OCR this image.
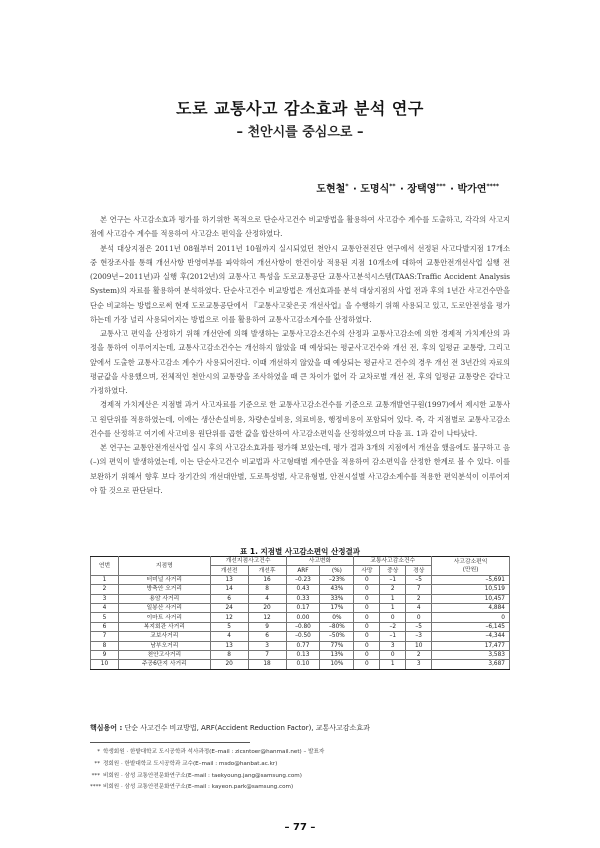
도로 교통사고 감소효과 분석 연구
– 천안시를 중심으로 –
도현철* · 도명식** · 장택영*** · 박가연****

본 연구는 사고감소효과 평가를 하기위한 목적으로 단순사고건수 비교방법을 활용하여 사고감수 계수를 도출하고, 각각의 사고지점에 사고감수 계수를 적용하여 사고감소 편익을 산정하였다.

분석 대상지점은 2011년 08월부터 2011년 10월까지 실시되었던 천안시 교통안전진단 연구에서 선정된 사고다발지점 17개소 중 현장조사를 통해 개선사항 반영여부를 파악하여 개선사항이 한건이상 적용된 지점 10개소에 대하여 교통안전개선사업 실행 전(2009년~2011년)과 실행 후(2012년)의 교통사고 특성을 도로교통공단 교통사고분석시스템(TAAS:Traffic Accident Analysis System)의 자료를 활용하여 분석하였다. 단순사고건수 비교방법은 개선효과를 분석 대상지점의 사업 전과 후의 1년간 사고건수만을 단순 비교하는 방법으로써 현재 도로교통공단에서 『교통사고잦은곳 개선사업』을 수행하기 위해 사용되고 있고, 도로안전성을 평가하는데 가장 널리 사용되어지는 방법으로 이를 활용하여 교통사고감소계수를 산정하였다.

교통사고 편익을 산정하기 위해 개선안에 의해 발생하는 교통사고감소건수의 산정과 교통사고감소에 의한 경제적 가치계산의 과정을 통하여 이루어지는데, 교통사고감소건수는 개선하지 않았을 때 예상되는 평균사고건수와 개선 전, 후의 일평균 교통량, 그리고 앞에서 도출한 교통사고감소 계수가 사용되어진다. 이때 개선하지 않았을 때 예상되는 평균사고 건수의 경우 개선 전 3년간의 자료의 평균값을 사용했으며, 전체적인 천안시의 교통량을 조사하였을 때 큰 차이가 없어 각 교차로별 개선 전, 후의 일평균 교통량은 같다고 가정하였다.

경제적 가치계산은 지점별 과거 사고자료를 기준으로 한 교통사고감소건수를 기준으로 교통개발연구원(1997)에서 제시한 교통사고 원단위를 적용하였는데, 이에는 생산손실비용, 차량손실비용, 의료비용, 행정비용이 포함되어 있다. 즉, 각 지점별로 교통사고감소건수를 산정하고 여기에 사고비용 원단위를 곱한 값을 합산하여 사고감소편익을 산정하였으며 다음 표. 1과 같이 나타났다.

본 연구는 교통안전개선사업 실시 후의 사고감소효과를 평가해 보았는데, 평가 결과 3개의 지점에서 개선을 했음에도 불구하고 음(–)의 편익이 발생하였는데, 이는 단순사고건수 비교법과 사고형태별 계수만을 적용하여 감소편익을 산정한 한계로 볼 수 있다. 이를 보완하기 위해서 향후 보다 장기간의 개선대안별, 도로특성별, 사고유형별, 안전시설별 사고감소계수를 적용한 편익분석이 이루어져야 할 것으로 판단된다.

표 1. 지점별 사고감소편익 산정결과
연번	지점명	개선지점사고건수		사고변화		교통사고감소건수			사고감소편익
(만원)
		개선전	개선후	ARF	(%)	사망	중상	경상	
1	터미널 사거리	13	16	–0.23	–23%	0	–1	–5	–5,691
2	방축안 오거리	14	8	0.43	43%	0	2	7	10,519
3	용암 사거리	6	4	0.33	33%	0	1	2	10,457
4	일봉산 사거리	24	20	0.17	17%	0	1	4	4,884
5	이마트 사거리	12	12	0.00	0%	0	0	0	0
6	복지회관 사거리	5	9	–0.80	–80%	0	–2	–5	–6,145
7	교보사거리	4	6	–0.50	–50%	0	–1	–3	–4,344
8	남부오거리	13	3	0.77	77%	0	3	10	17,477
9	천안고사거리	8	7	0.13	13%	0	0	2	3,583
10	주공6단지 사거리	20	18	0.10	10%	0	1	3	3,687
핵심용어 : 단순 사고건수 비교방법, ARF(Accident Reduction Factor), 교통사고감소효과
* 학생회원 · 한밭대학교 도시공학과 석사과정(E–mail : zicsntoer@hanmail.net) – 발표자
** 정회원 · 한밭대학교 도시공학과 교수(E–mail : msdo@hanbat.ac.kr)
*** 비회원 · 삼성 교통안전문화연구소(E–mail : taekyoung.jang@samsung.com)
**** 비회원 · 삼성 교통안전문화연구소(E–mail : kayeon.park@samsung.com)
– 77 –
